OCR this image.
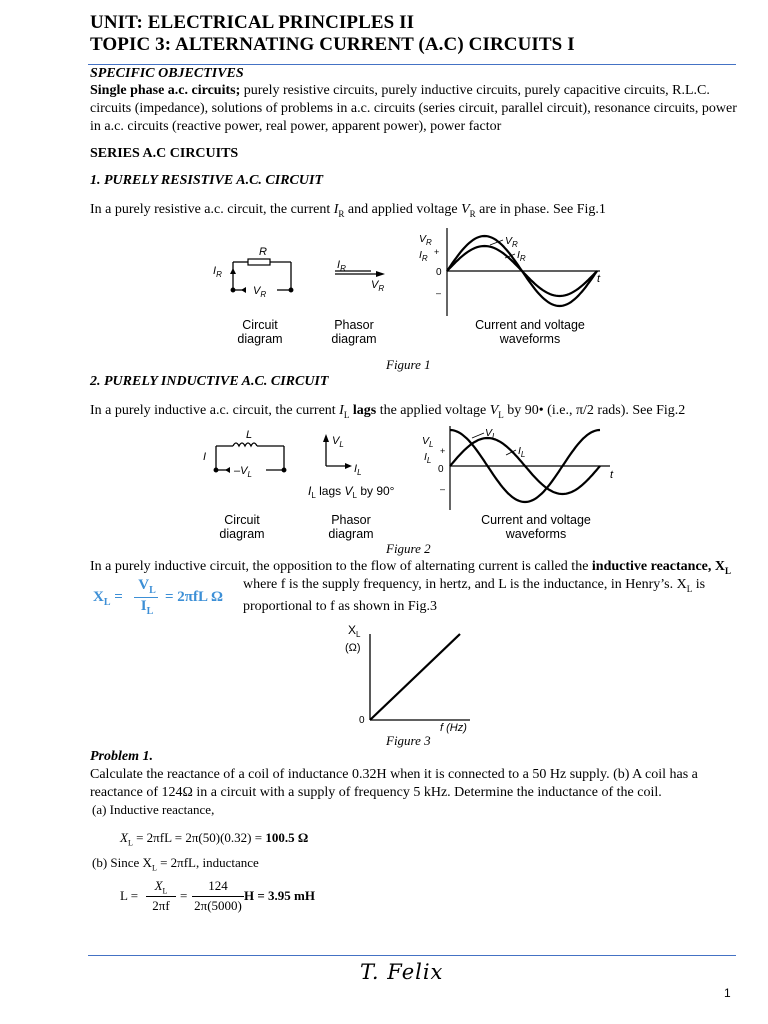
UNIT: ELECTRICAL PRINCIPLES II
TOPIC 3: ALTERNATING CURRENT (A.C) CIRCUITS I
SPECIFIC OBJECTIVES
Single phase a.c. circuits; purely resistive circuits, purely inductive circuits, purely capacitive circuits, R.L.C.
circuits (impedance), solutions of problems in a.c. circuits (series circuit, parallel circuit), resonance circuits, power
in a.c. circuits (reactive power, real power, apparent power), power factor
SERIES A.C CIRCUITS
1. PURELY RESISTIVE A.C. CIRCUIT
In a purely resistive a.c. circuit, the current $I_R$ and applied voltage $V_R$ are in phase. See Fig.1
R
$I_R$
$V_R$
$I_R$
$V_R$
$V_R$
$I_R$
+
0
–
t
$V_R$
$I_R$
Circuit
diagram
Phasor
diagram
Current and voltage
waveforms
Figure 1
2. PURELY INDUCTIVE A.C. CIRCUIT
In a purely inductive a.c. circuit, the current $I_L$ lags the applied voltage $V_L$ by 90• (i.e., π/2 rads). See Fig.2
L
I
$-V_L$
$V_L$
$I_L$
$I_L$ lags $V_L$ by 90°
$V_L$
$I_L$
+
0
–
t
$V_L$
$I_L$
Circuit
diagram
Phasor
diagram
Current and voltage
waveforms
Figure 2
In a purely inductive circuit, the opposition to the flow of alternating current is called the inductive reactance, $X_L$
$X_L$ =
$V_L$
$I_L$
= 2πfL Ω
where f is the supply frequency, in hertz, and L is the inductance, in Henry’s. $X_L$ is
proportional to f as shown in Fig.3
$X_L$
(Ω)
0
f (Hz)
Figure 3
Problem 1.
Calculate the reactance of a coil of inductance 0.32H when it is connected to a 50 Hz supply. (b) A coil has a
reactance of 124Ω in a circuit with a supply of frequency 5 kHz. Determine the inductance of the coil.
(a) Inductive reactance,
$X_L = 2\pi fL = 2\pi(50)(0.32) = 100.5$ Ω
(b) Since $X_L = 2\pi fL$, inductance
L =
$X_L$
2πf
=
124
2π(5000)
H = 3.95 mH
T. Felix
1
